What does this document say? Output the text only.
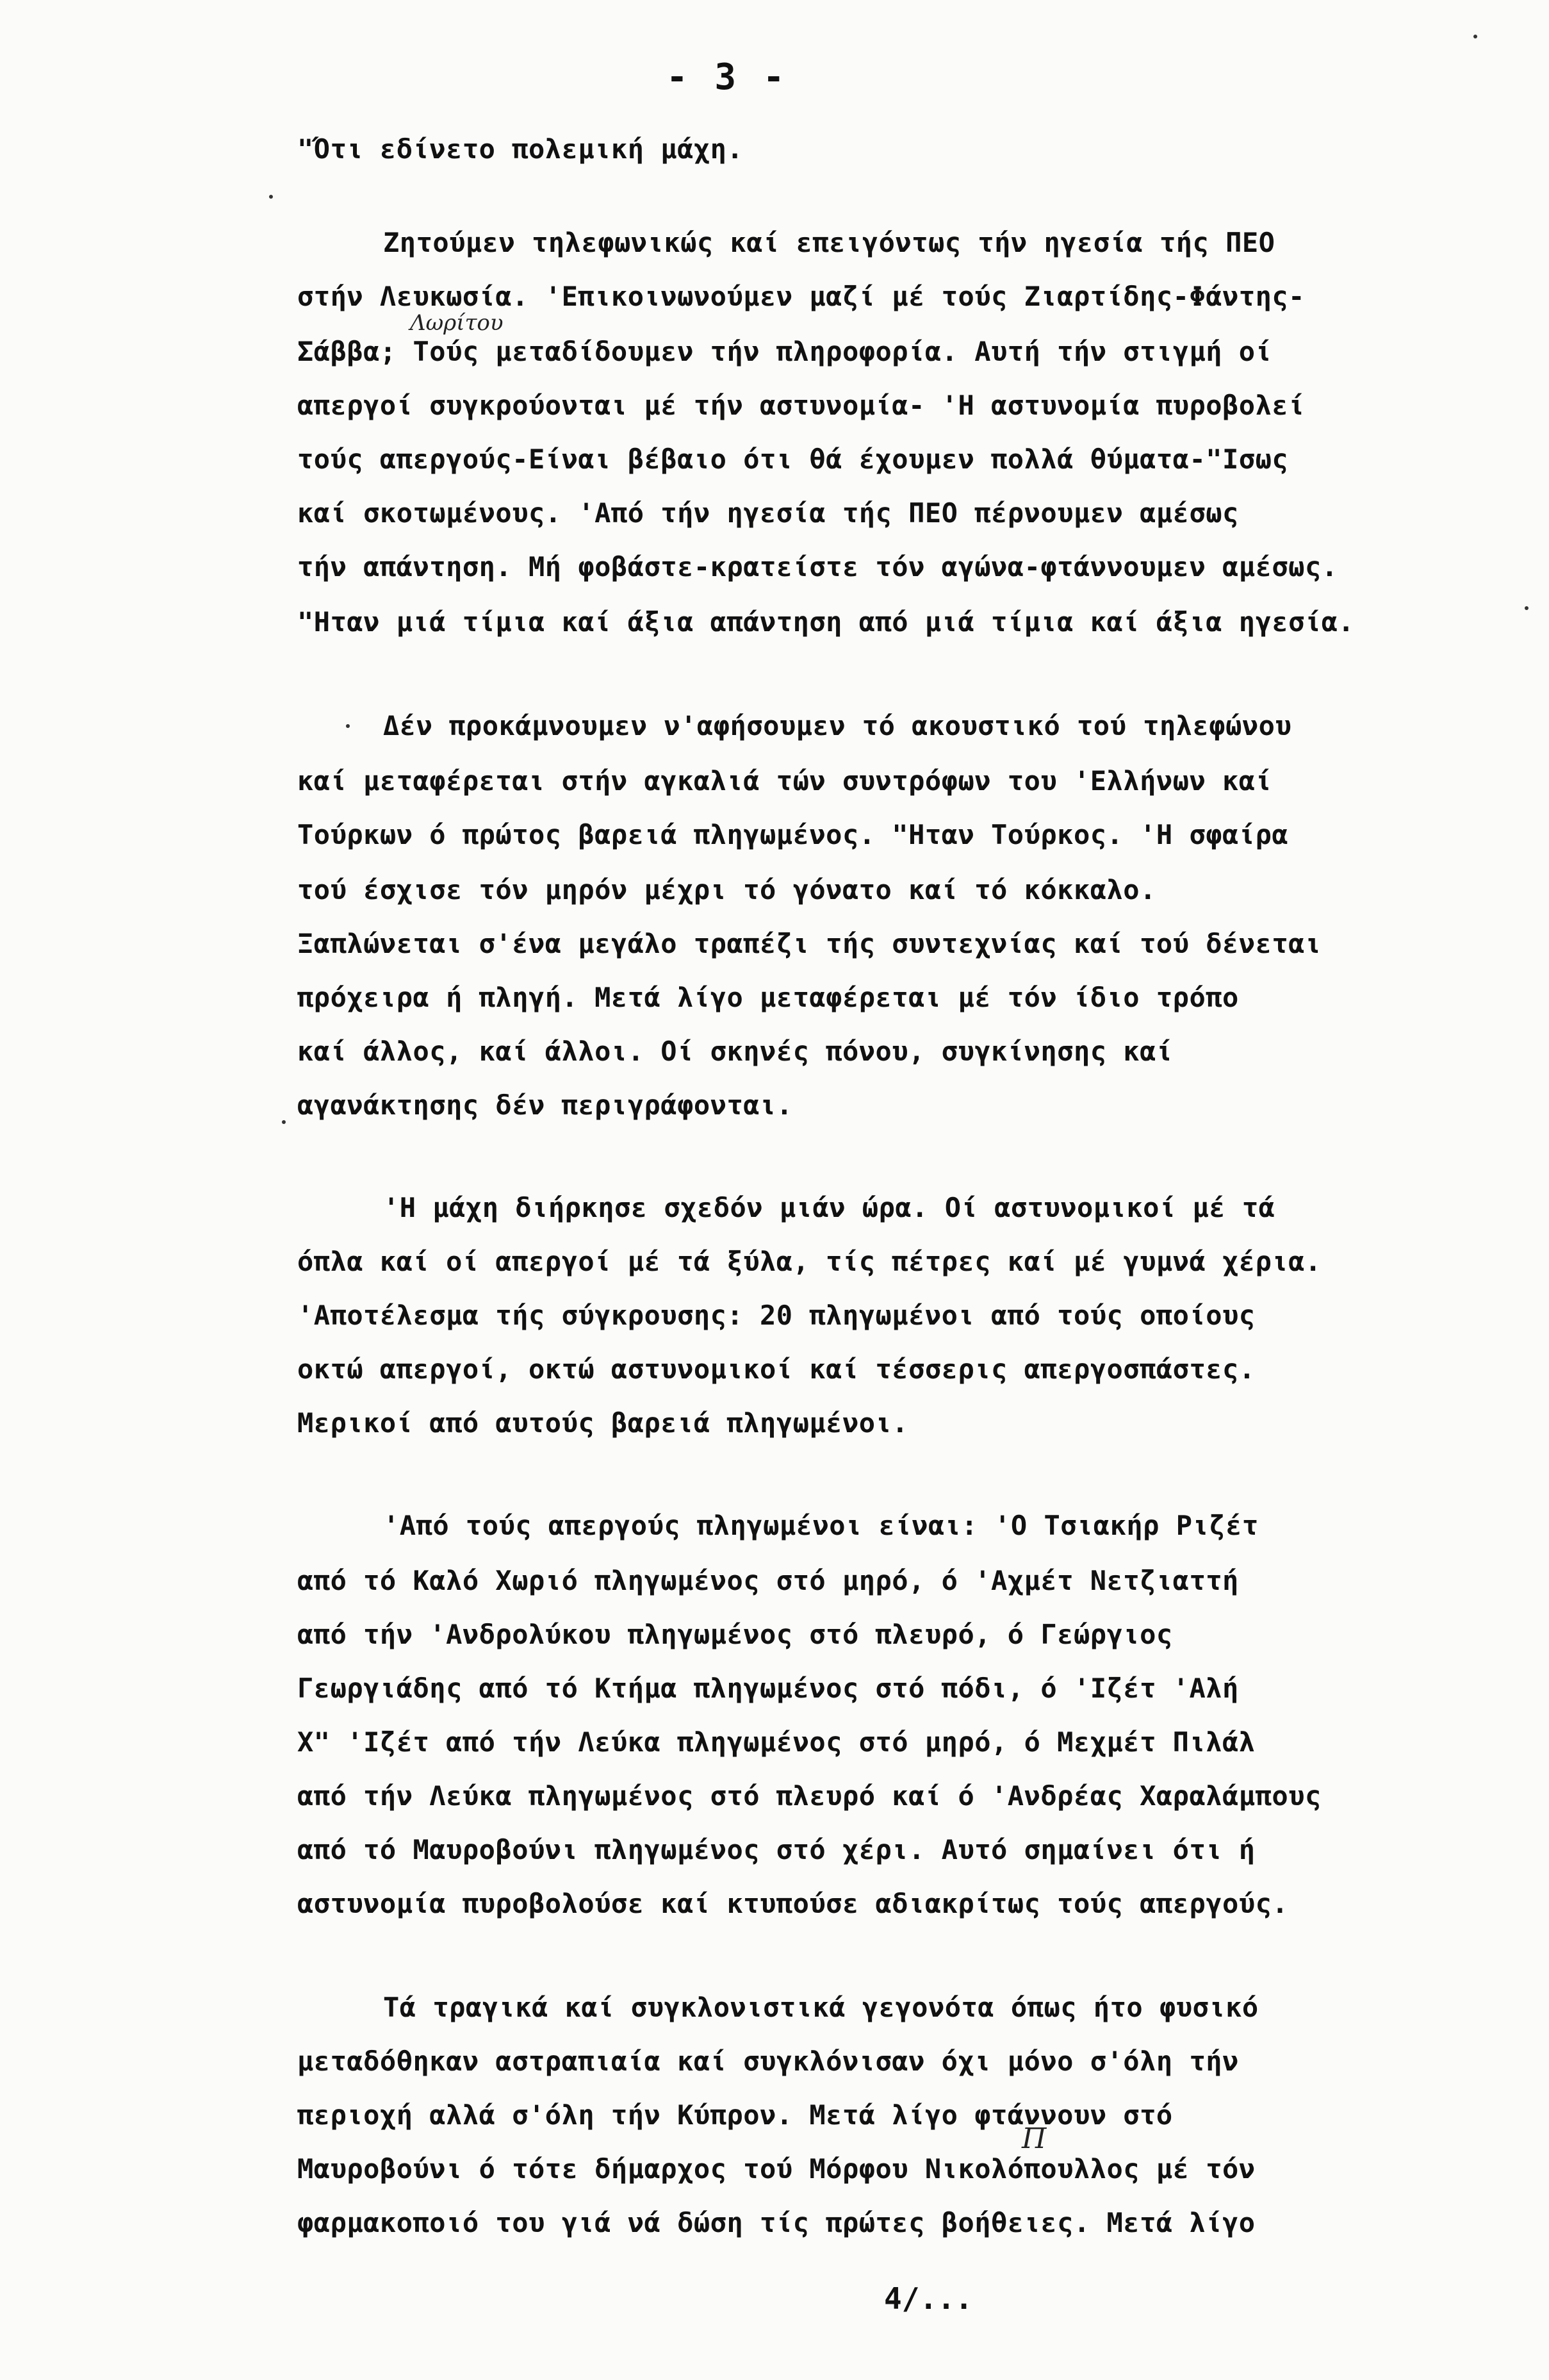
- 3 -
"Ότι εδίνετο πολεμική μάχη.
Ζητούμεν τηλεφωνικώς καί επειγόντως τήν ηγεσία τής ΠΕΟ
στήν Λευκωσία. 'Επικοινωνούμεν μαζί μέ τούς Ζιαρτίδης-Φάντης-
Λωρίτου
Σάββα; Τούς μεταδίδουμεν τήν πληροφορία. Αυτή τήν στιγμή οί
απεργοί συγκρούονται μέ τήν αστυνομία- 'Η αστυνομία πυροβολεί
τούς απεργούς-Είναι βέβαιο ότι θά έχουμεν πολλά θύματα-"Ισως
καί σκοτωμένους. 'Από τήν ηγεσία τής ΠΕΟ πέρνουμεν αμέσως
τήν απάντηση. Μή φοβάστε-κρατείστε τόν αγώνα-φτάννουμεν αμέσως.
"Ηταν μιά τίμια καί άξια απάντηση από μιά τίμια καί άξια ηγεσία.
Δέν προκάμνουμεν ν'αφήσουμεν τό ακουστικό τού τηλεφώνου
καί μεταφέρεται στήν αγκαλιά τών συντρόφων του 'Ελλήνων καί
Τούρκων ό πρώτος βαρειά πληγωμένος. "Ηταν Τούρκος. 'Η σφαίρα
τού έσχισε τόν μηρόν μέχρι τό γόνατο καί τό κόκκαλο.
Ξαπλώνεται σ'ένα μεγάλο τραπέζι τής συντεχνίας καί τού δένεται
πρόχειρα ή πληγή. Μετά λίγο μεταφέρεται μέ τόν ίδιο τρόπο
καί άλλος, καί άλλοι. Οί σκηνές πόνου, συγκίνησης καί
αγανάκτησης δέν περιγράφονται.
'Η μάχη διήρκησε σχεδόν μιάν ώρα. Οί αστυνομικοί μέ τά
όπλα καί οί απεργοί μέ τά ξύλα, τίς πέτρες καί μέ γυμνά χέρια.
'Αποτέλεσμα τής σύγκρουσης: 20 πληγωμένοι από τούς οποίους
οκτώ απεργοί, οκτώ αστυνομικοί καί τέσσερις απεργοσπάστες.
Μερικοί από αυτούς βαρειά πληγωμένοι.
'Από τούς απεργούς πληγωμένοι είναι: 'Ο Τσιακήρ Ριζέτ
από τό Καλό Χωριό πληγωμένος στό μηρό, ό 'Αχμέτ Νετζιαττή
από τήν 'Ανδρολύκου πληγωμένος στό πλευρό, ό Γεώργιος
Γεωργιάδης από τό Κτήμα πληγωμένος στό πόδι, ό 'Ιζέτ 'Αλή
Χ" 'Ιζέτ από τήν Λεύκα πληγωμένος στό μηρό, ό Μεχμέτ Πιλάλ
από τήν Λεύκα πληγωμένος στό πλευρό καί ό 'Ανδρέας Χαραλάμπους
από τό Μαυροβούνι πληγωμένος στό χέρι. Αυτό σημαίνει ότι ή
αστυνομία πυροβολούσε καί κτυπούσε αδιακρίτως τούς απεργούς.
Τά τραγικά καί συγκλονιστικά γεγονότα όπως ήτο φυσικό
μεταδόθηκαν αστραπιαία καί συγκλόνισαν όχι μόνο σ'όλη τήν
περιοχή αλλά σ'όλη τήν Κύπρον. Μετά λίγο φτάννουν στό
Μαυροβούνι ό τότε δήμαρχος τού Μόρφου Νικολόπουλλος μέ τόν
Π
φαρμακοποιό του γιά νά δώση τίς πρώτες βοήθειες. Μετά λίγο
4/...
